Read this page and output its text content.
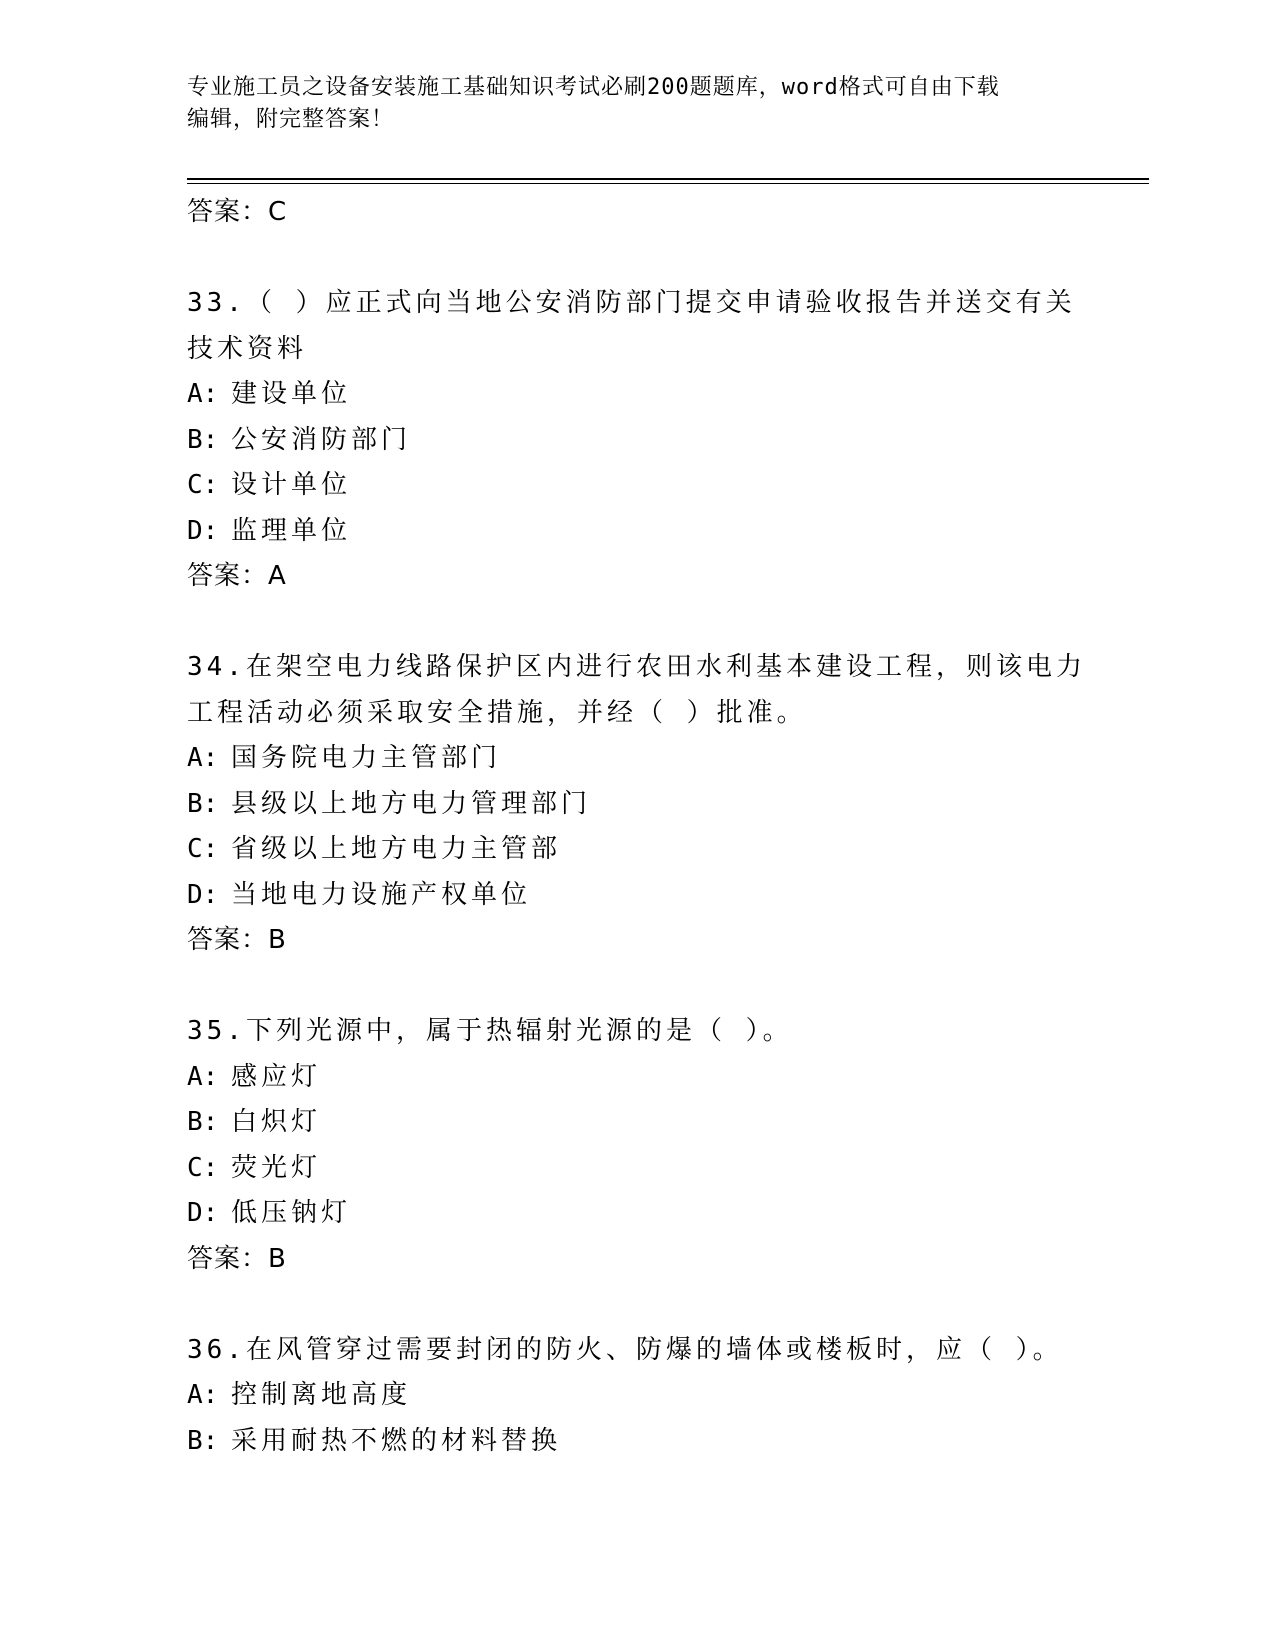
专业施工员之设备安装施工基础知识考试必刷200题题库，word格式可自由下载
编辑，附完整答案！
答案：C
33.（ ）应正式向当地公安消防部门提交申请验收报告并送交有关技术资料
A: 建设单位
B: 公安消防部门
C: 设计单位
D: 监理单位
答案：A
34.在架空电力线路保护区内进行农田水利基本建设工程，则该电力工程活动必须采取安全措施，并经（ ）批准。
A: 国务院电力主管部门
B: 县级以上地方电力管理部门
C: 省级以上地方电力主管部
D: 当地电力设施产权单位
答案：B
35.下列光源中，属于热辐射光源的是（ ）。
A: 感应灯
B: 白炽灯
C: 荧光灯
D: 低压钠灯
答案：B
36.在风管穿过需要封闭的防火、防爆的墙体或楼板时，应（ ）。
A: 控制离地高度
B: 采用耐热不燃的材料替换
